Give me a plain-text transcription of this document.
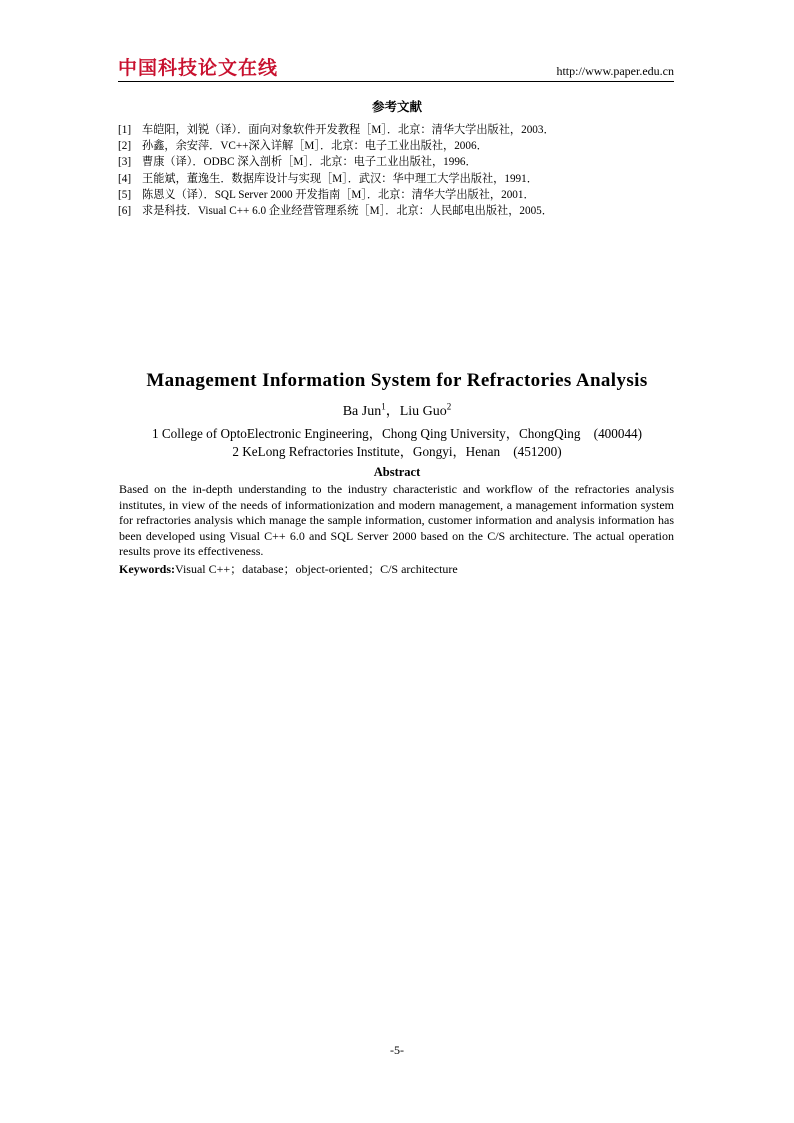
中国科技论文在线	http://www.paper.edu.cn
参考文献
[1] 车皑阳，刘锐（译）．面向对象软件开发教程［M］．北京：清华大学出版社，2003．
[2] 孙鑫，余安萍．VC++深入详解［M］．北京：电子工业出版社，2006．
[3] 曹康（译）．ODBC 深入剖析［M］．北京：电子工业出版社，1996．
[4] 王能斌，董逸生．数据库设计与实现［M］．武汉：华中理工大学出版社，1991．
[5] 陈恩义（译）．SQL Server 2000 开发指南［M］．北京：清华大学出版社，2001．
[6] 求是科技．Visual C++ 6.0 企业经营管理系统［M］．北京：人民邮电出版社，2005．
Management Information System for Refractories Analysis
Ba Jun$^1$，Liu Guo$^2$
1 College of OptoElectronic Engineering，Chong Qing University，ChongQing    (400044)
2 KeLong Refractories Institute，Gongyi，Henan    (451200)
Abstract
Based on the in-depth understanding to the industry characteristic and workflow of the refractories analysis institutes, in view of the needs of informationization and modern management, a management information system for refractories analysis which manage the sample information, customer information and analysis information has been developed using Visual C++ 6.0 and SQL Server 2000 based on the C/S architecture. The actual operation results prove its effectiveness.
Keywords:Visual C++；database；object-oriented；C/S architecture
-5-
